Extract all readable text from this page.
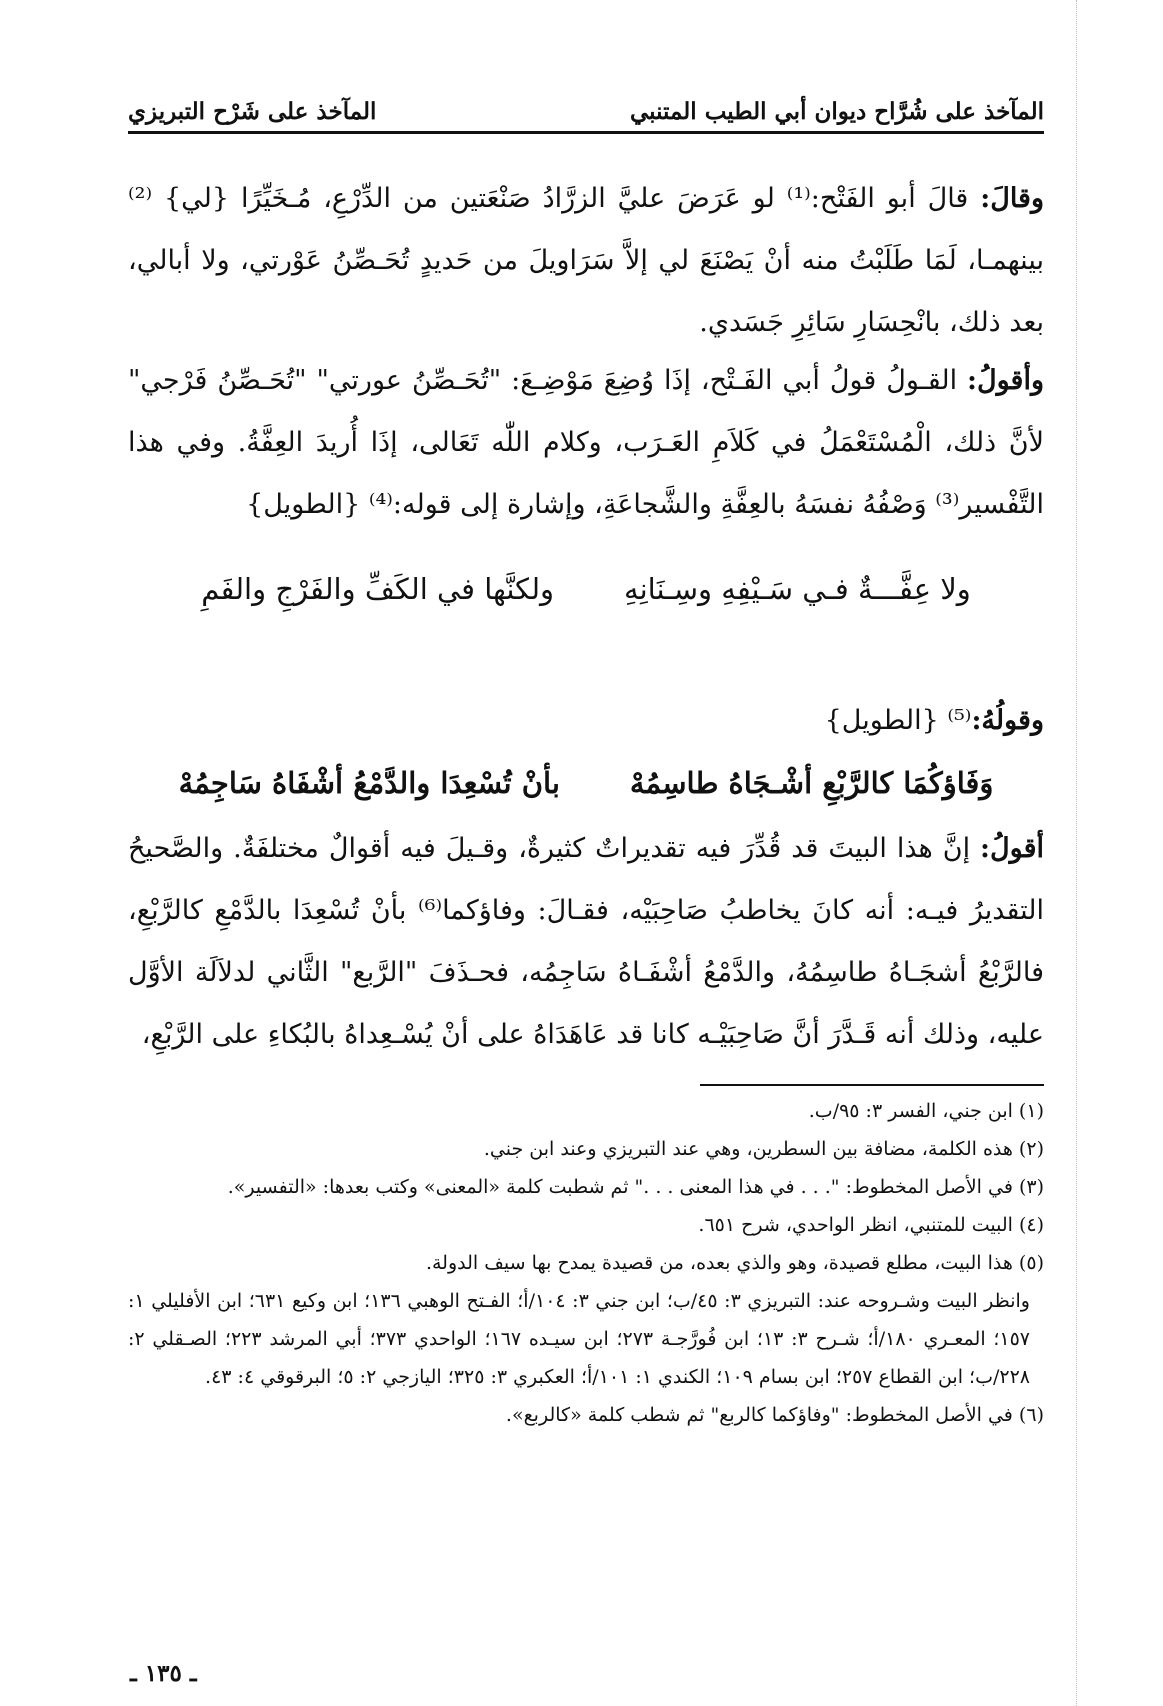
المآخذ على شُرَّاح ديوان أبي الطيب المتنبي
المآخذ على شَرْح التبريزي

وقالَ: قالَ أبو الفَتْح:⁽¹⁾ لو عَرَضَ عليَّ الزرَّادُ صَنْعَتين من الدِّرْعِ، مُـخَيِّرًا {لي} ⁽²⁾ بينهمـا، لَمَا طَلَبْتُ منه أنْ يَصْنَعَ لي إلاَّ سَرَاويلَ من حَديدٍ تُحَـصِّنُ عَوْرتي، ولا أبالي، بعد ذلك، بانْحِسَارِ سَائِرِ جَسَدي.

وأقولُ: القـولُ قولُ أبي الفَـتْح، إذَا وُضِعَ مَوْضِـعَ: "تُحَـصِّنُ عورتي" "تُحَـصِّنُ فَرْجي" لأنَّ ذلك، الْمُسْتَعْمَلُ في كَلاَمِ العَـرَب، وكلام اللّٰه تَعَالى، إذَا أُريدَ العِفَّةُ. وفي هذا التَّفْسير⁽³⁾ وَصْفُهُ نفسَهُ بالعِفَّةِ والشَّجاعَةِ، وإشارة إلى قوله:⁽⁴⁾ {الطويل}

ولا عِفَّـــةٌ فـي سَـيْفِهِ وسِـنَانِهِ
ولكنَّها في الكَفِّ والفَرْجِ والفَمِ

وقولُهُ:⁽⁵⁾ {الطويل}

وَفَاؤكُمَا كالرَّبْعِ أشْـجَاهُ طاسِمُهْ
بأنْ تُسْعِدَا والدَّمْعُ أشْفَاهُ سَاجِمُهْ

أقولُ: إنَّ هذا البيتَ قد قُدِّرَ فيه تقديراتٌ كثيرةٌ، وقـيلَ فيه أقوالٌ مختلفَةٌ. والصَّحيحُ التقديرُ فيـه: أنه كانَ يخاطبُ صَاحِبَيْه، فقـالَ: وفاؤكما⁽⁶⁾ بأنْ تُسْعِدَا بالدَّمْعِ كالرَّبْعِ، فالرَّبْعُ أشجَـاهُ طاسِمُهُ، والدَّمْعُ أشْفَـاهُ سَاجِمُه، فحـذَفَ "الرَّبع" الثَّاني لدلاَلَة الأوَّل عليه، وذلك أنه قَـدَّرَ أنَّ صَاحِبَيْـه كانا قد عَاهَدَاهُ على أنْ يُسْـعِداهُ بالبُكاءِ على الرَّبْعِ،

(١) ابن جني، الفسر ٣: ٩٥/ب.

(٢) هذه الكلمة، مضافة بين السطرين، وهي عند التبريزي وعند ابن جني.

(٣) في الأصل المخطوط: ". . . في هذا المعنى . . ." ثم شطبت كلمة «المعنى» وكتب بعدها: «التفسير».

(٤) البيت للمتنبي، انظر الواحدي، شرح ٦٥١.

(٥) هذا البيت، مطلع قصيدة، وهو والذي بعده، من قصيدة يمدح بها سيف الدولة.

وانظر البيت وشـروحه عند: التبريزي ٣: ٤٥/ب؛ ابن جني ٣: ١٠٤/أ؛ الفـتح الوهبي ١٣٦؛ ابن وكيع ٦٣١؛ ابن الأفليلي ١: ١٥٧؛ المعـري ١٨٠/أ؛ شـرح ٣: ١٣؛ ابن فُورَّجـة ٢٧٣؛ ابن سيـده ١٦٧؛ الواحدي ٣٧٣؛ أبي المرشد ٢٢٣؛ الصـقلي ٢: ٢٢٨/ب؛ ابن القطاع ٢٥٧؛ ابن بسام ١٠٩؛ الكندي ١: ١٠١/أ؛ العكبري ٣: ٣٢٥؛ اليازجي ٢: ٥؛ البرقوقي ٤: ٤٣.

(٦) في الأصل المخطوط: "وفاؤكما كالربع" ثم شطب كلمة «كالربع».

ـ ١٣٥ ـ
